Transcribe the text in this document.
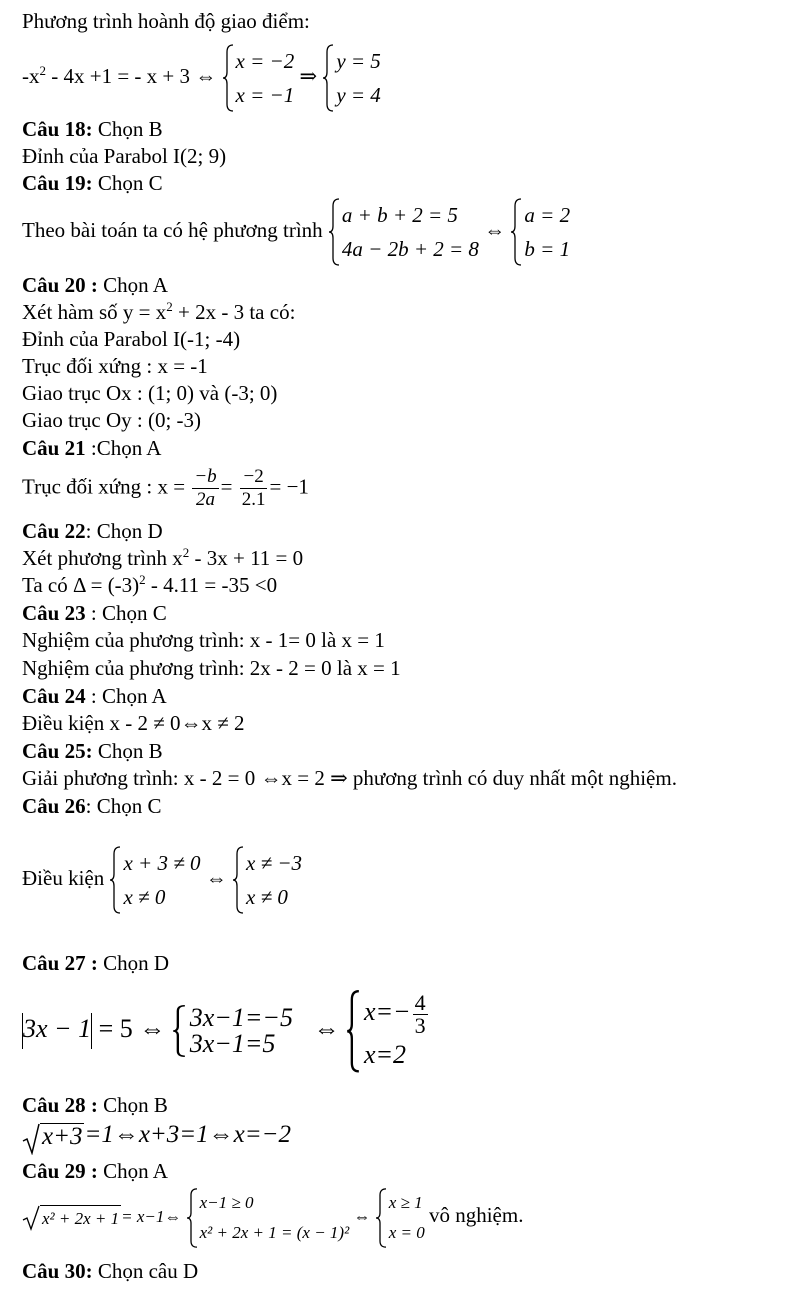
Phương trình hoành độ giao điểm:
$-x^2 - 4x +1$ = - x + 3 ⇔
x = −2
x = −1
⇒
y = 5
y = 4
Câu 18: Chọn B
Đỉnh của Parabol I(2; 9)
Câu 19: Chọn C
Theo bài toán ta có hệ phương trình
a + b + 2 = 5
4a − 2b + 2 = 8
⇔
a = 2
b = 1
Câu 20 : Chọn A
Xét hàm số $y = x^2 + 2x - 3$ ta có:
Đỉnh của Parabol I(-1; -4)
Trục đối xứng : x = -1
Giao trục Ox : (1; 0) và (-3; 0)
Giao trục Oy : (0; -3)
Câu 21 :Chọn A
Trục đối xứng : $x = \frac{-b}{2a} = \frac{-2}{2.1} = -1$
Câu 22: Chọn D
Xét phương trình $x^2 - 3x + 11 = 0$
Ta có $\Delta = (-3)^2 - 4.11 = -35 <0$
Câu 23 : Chọn C
Nghiệm của phương trình: x - 1= 0 là x = 1
Nghiệm của phương trình: 2x - 2 = 0 là x = 1
Câu 24 : Chọn A
Điều kiện x - 2 ≠ 0⇔x ≠ 2
Câu 25: Chọn B
Giải phương trình: x - 2 = 0 ⇔x = 2 ⇒ phương trình có duy nhất một nghiệm.
Câu 26: Chọn C
Điều kiện
x + 3 ≠ 0
x ≠ 0
⇔
x ≠ −3
x ≠ 0
Câu 27 : Chọn D
3x − 1 = 5 ⇔ 3x−1=−5
3x−1=5
⇔
$x=- \frac{4}{3}$
x=2
Câu 28 : Chọn B
x+3=1⇔x+3=1⇔x=−2
Câu 29 : Chọn A
x² + 2x + 1 = x−1⇔
x−1 ≥ 0
x² + 2x + 1 = (x − 1)²
⇔
x ≥ 1
x = 0
vô nghiệm.
Câu 30: Chọn câu D
